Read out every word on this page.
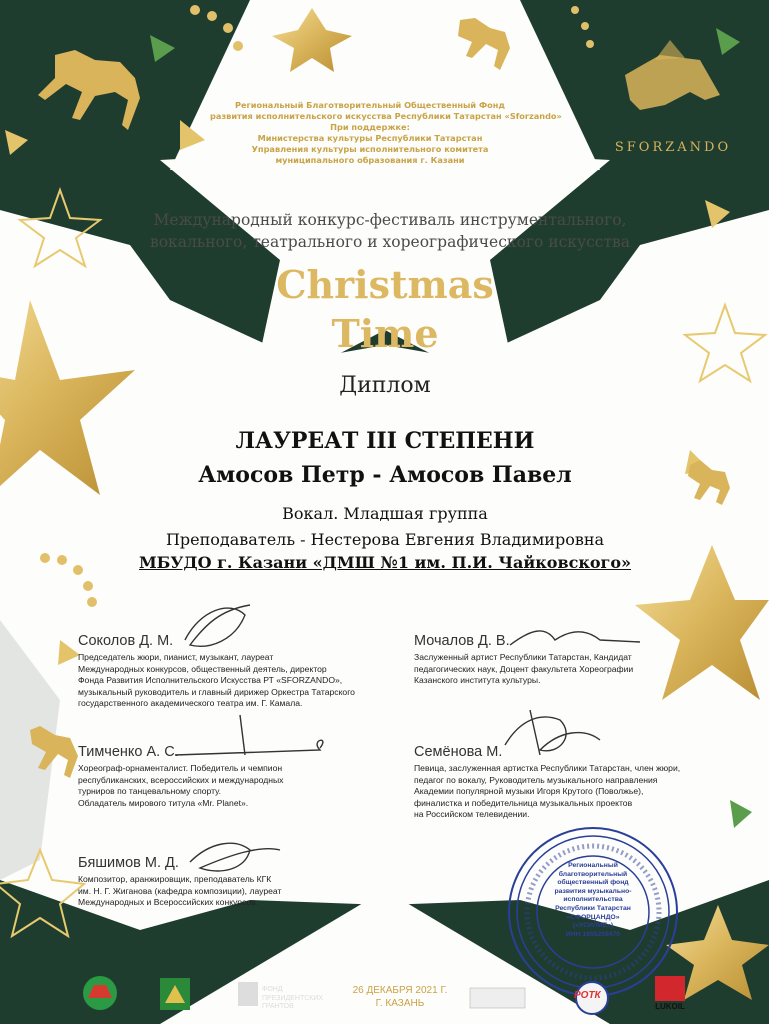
Региональный Благотворительный Общественный Фонд
развития исполнительского искусства Республики Татарстан «Sforzando»
При поддержке:
Министерства культуры Республики Татарстан
Управления культуры исполнительного комитета
муниципального образования г. Казани
SFORZANDO
Международный конкурс-фестиваль инструментального,
вокального, театрального и хореографического искусства
Christmas
Time
Диплом
ЛАУРЕАТ III СТЕПЕНИ
Амосов Петр - Амосов Павел
Вокал. Младшая группа
Преподаватель - Нестерова Евгения Владимировна
МБУДО г. Казани «ДМШ №1 им. П.И. Чайковского»
Соколов Д. М.
Председатель жюри, пианист, музыкант, лауреат
Международных конкурсов, общественный деятель, директор
Фонда Развития Исполнительского Искусства РТ «SFORZANDO»,
музыкальный руководитель и главный дирижер Оркестра Татарского
государственного академического театра им. Г. Камала.
Мочалов Д. В.
Заслуженный артист Республики Татарстан, Кандидат
педагогических наук, Доцент факультета Хореографии
Казанского института культуры.
Тимченко А. С.
Хореограф-орнаменталист. Победитель и чемпион
республиканских, всероссийских и международных
турниров по танцевальному спорту.
Обладатель мирового титула «Mr. Planet».
Семёнова М.
Певица, заслуженная артистка Республики Татарстан, член жюри,
педагог по вокалу, Руководитель музыкального направления
Академии популярной музыки Игоря Крутого (Поволжье),
финалистка и победительница музыкальных проектов
на Российском телевидении.
Бяшимов М. Д.
Композитор, аранжировщик, преподаватель КГК
им. Н. Г. Жиганова (кафедра композиции), лауреат
Международных и Всероссийских конкурсов.
Региональный
благотворительный
общественный фонд
развития музыкально-
исполнительства
Республики Татарстан
«СФОРЦАНДО»
(«УСИЛИЕ»)
ИНН 1655259470
ФОНД
ПРЕЗИДЕНТСКИХ
ГРАНТОВ
26 ДЕКАБРЯ 2021 Г.
Г. КАЗАНЬ
РОТК
LUKOIL
